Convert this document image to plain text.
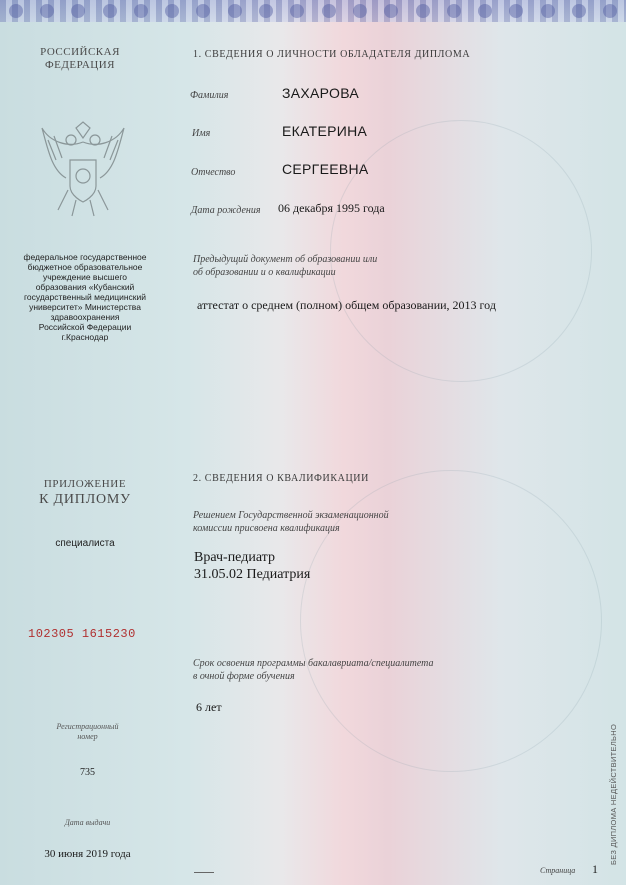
РОССИЙСКАЯ
ФЕДЕРАЦИЯ
федеральное государственное
бюджетное образовательное
учреждение высшего
образования «Кубанский
государственный медицинский
университет» Министерства
здравоохранения
Российской Федерации
г.Краснодар
ПРИЛОЖЕНИЕ
К ДИПЛОМУ
специалиста
102305 1615230
Регистрационный
номер
735
Дата выдачи
30 июня 2019 года
1. СВЕДЕНИЯ О ЛИЧНОСТИ ОБЛАДАТЕЛЯ ДИПЛОМА
Фамилия	ЗАХАРОВА
Имя	ЕКАТЕРИНА
Отчество	СЕРГЕЕВНА
Дата рождения 06 декабря 1995 года
Предыдущий документ об образовании или
об образовании и о квалификации
аттестат о среднем (полном) общем образовании, 2013 год
2. СВЕДЕНИЯ О КВАЛИФИКАЦИИ
Решением Государственной экзаменационной
комиссии присвоена квалификация
Врач-педиатр
31.05.02 Педиатрия
Срок освоения программы бакалавриата/специалитета
в очной форме обучения
6 лет
Страница 1
БЕЗ ДИПЛОМА НЕДЕЙСТВИТЕЛЬНО
